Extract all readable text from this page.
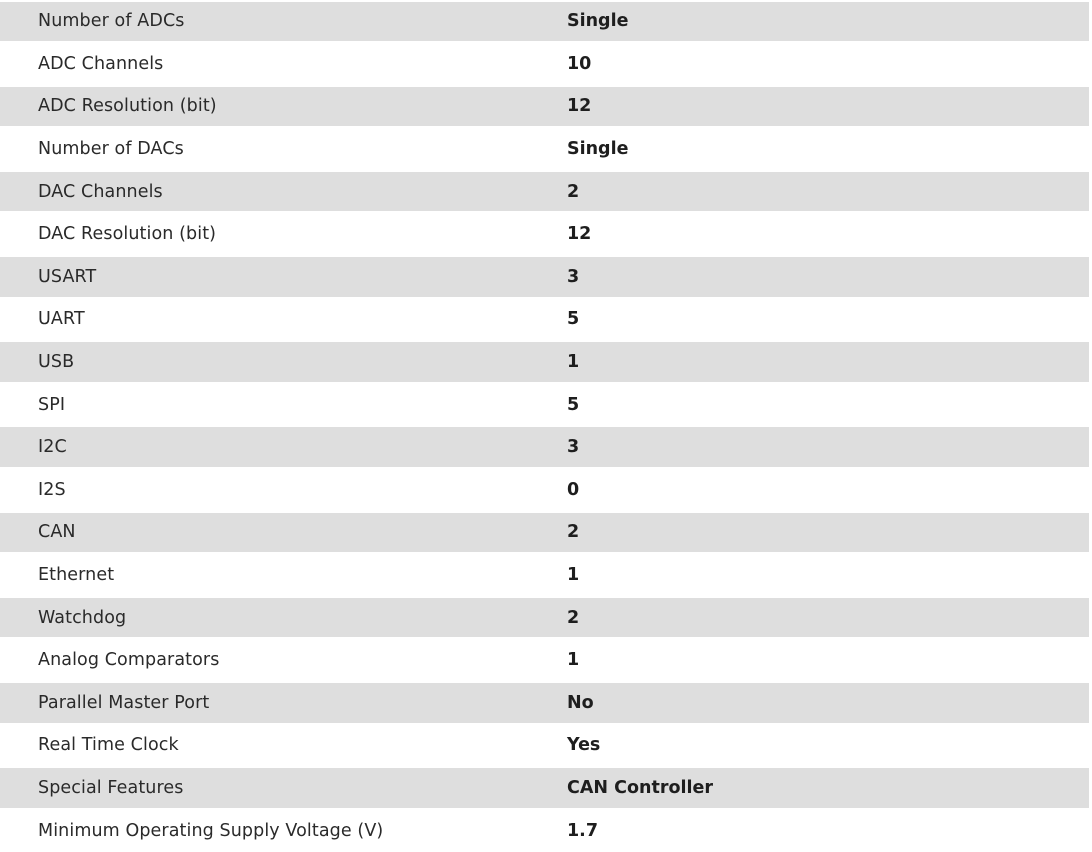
Number of ADCs	Single
ADC Channels	10
ADC Resolution (bit)	12
Number of DACs	Single
DAC Channels	2
DAC Resolution (bit)	12
USART	3
UART	5
USB	1
SPI	5
I2C	3
I2S	0
CAN	2
Ethernet	1
Watchdog	2
Analog Comparators	1
Parallel Master Port	No
Real Time Clock	Yes
Special Features	CAN Controller
Minimum Operating Supply Voltage (V)	1.7
